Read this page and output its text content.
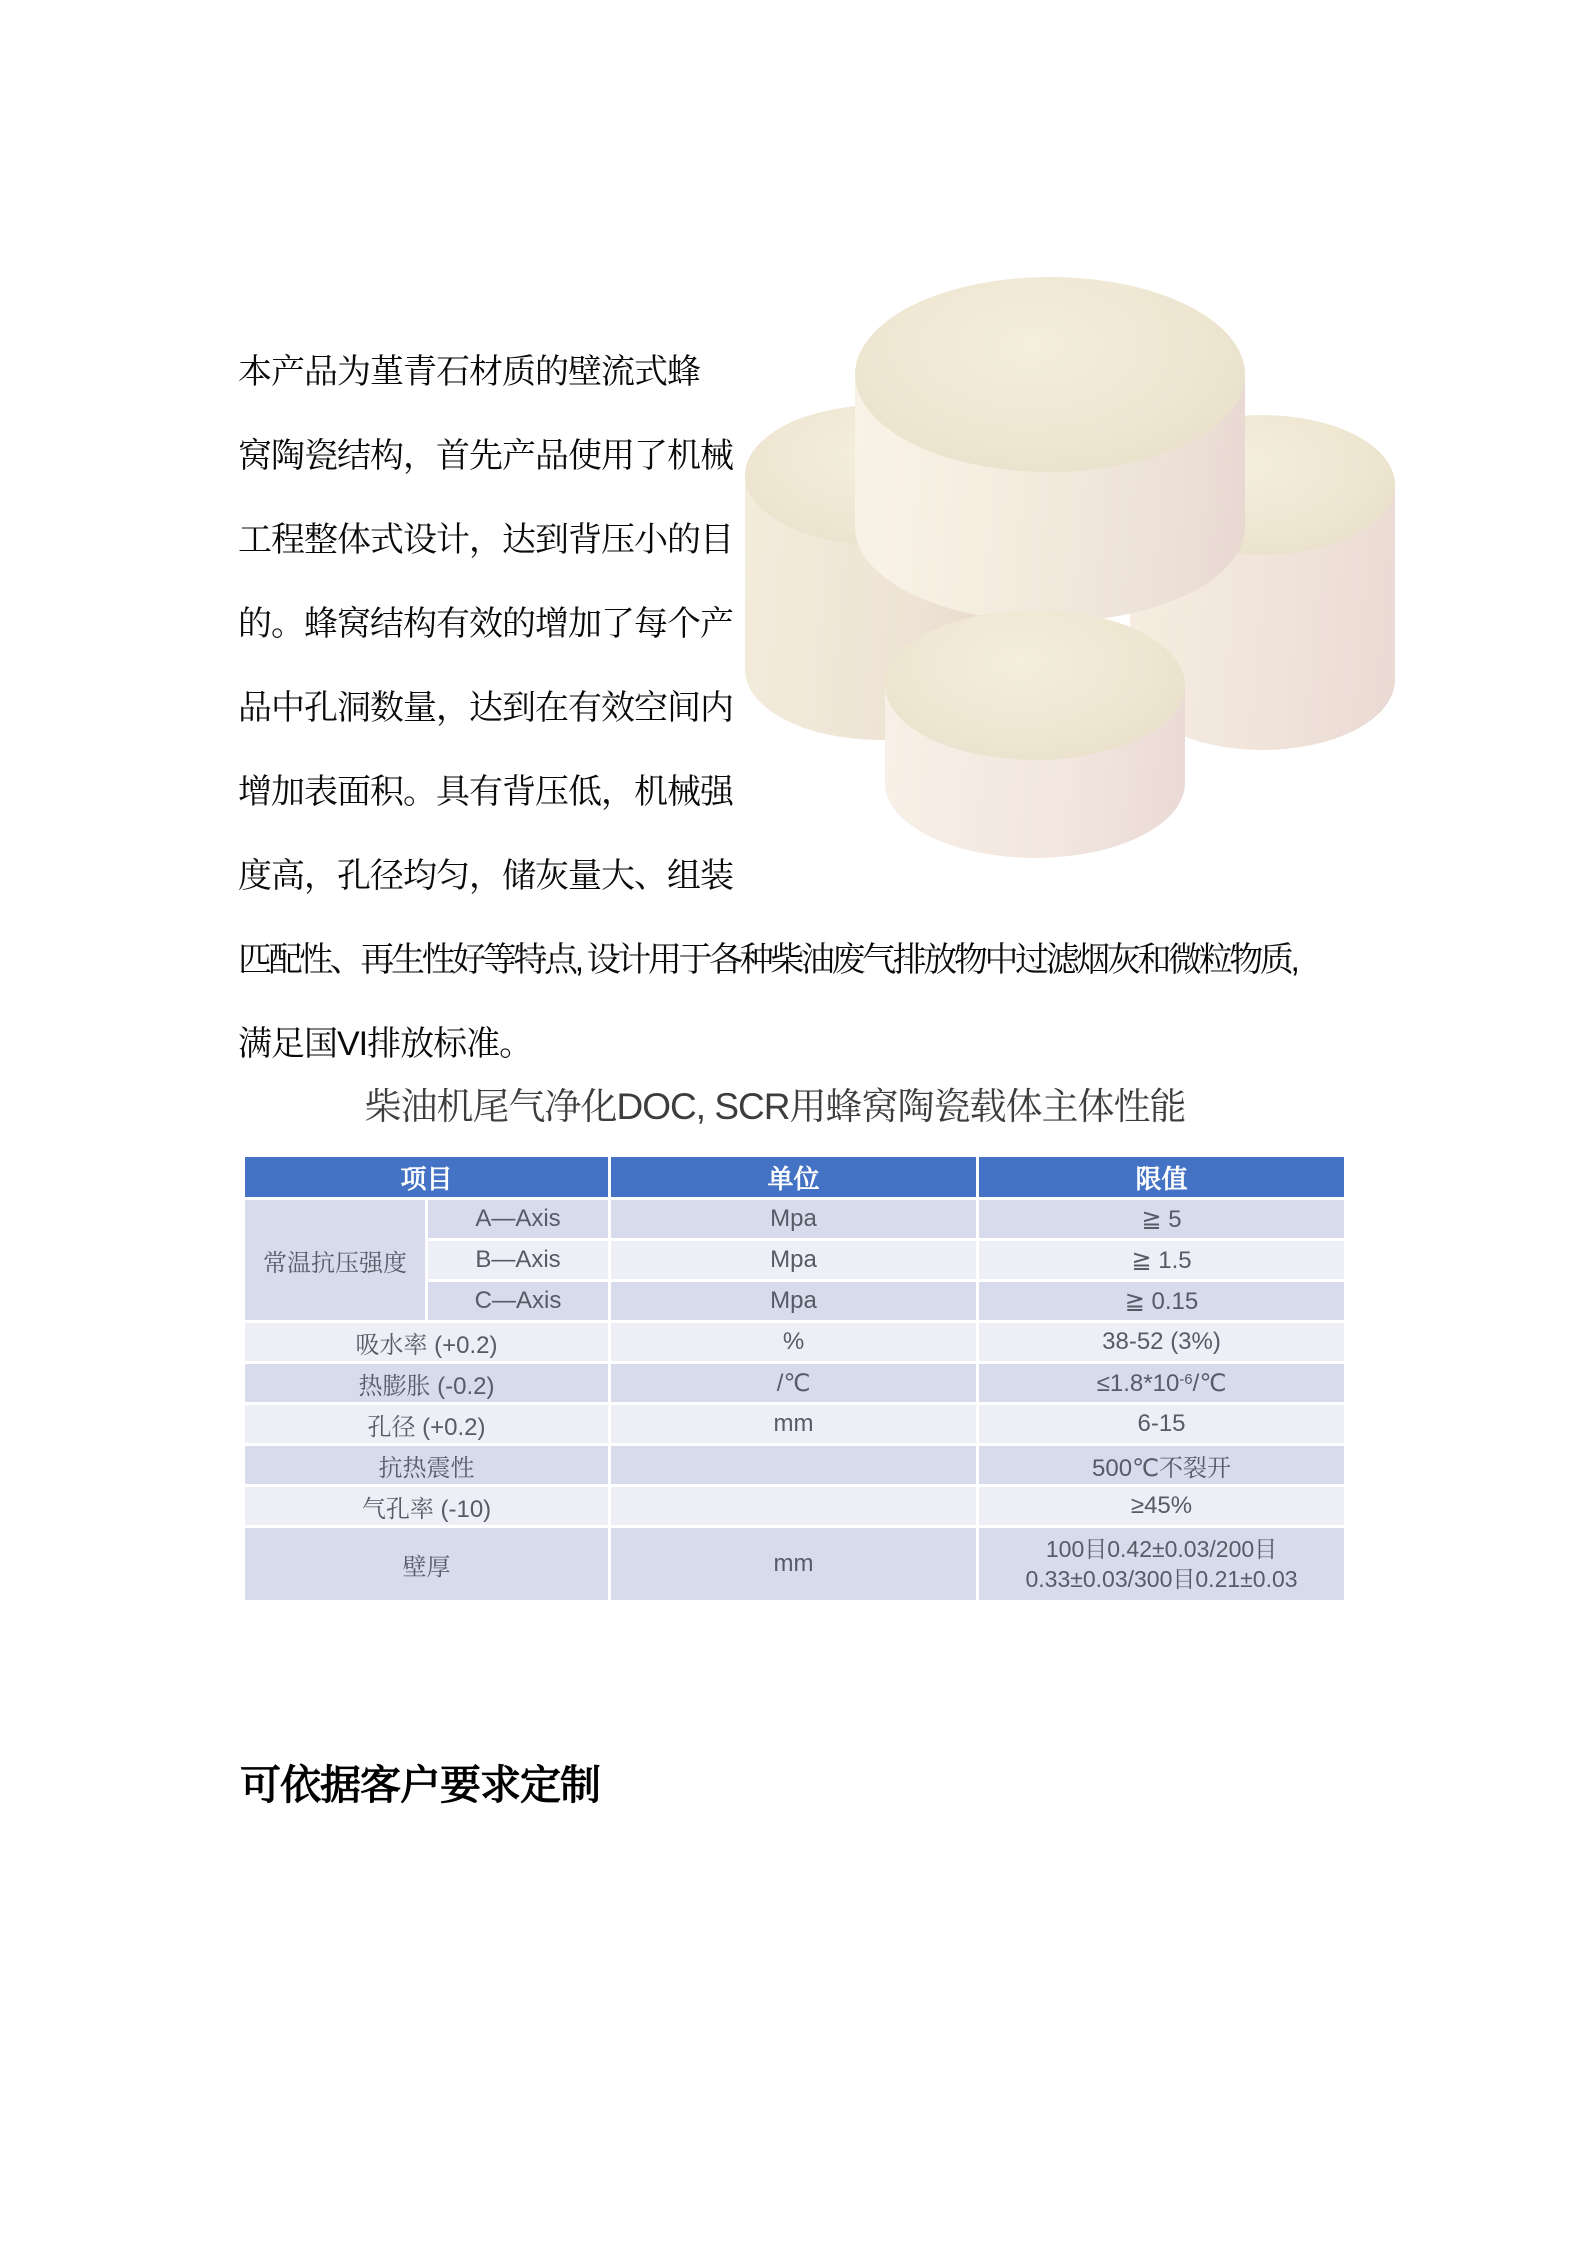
本产品为堇青石材质的壁流式蜂
窝陶瓷结构，首先产品使用了机械
工程整体式设计，达到背压小的目
的。蜂窝结构有效的增加了每个产
品中孔洞数量，达到在有效空间内
增加表面积。具有背压低，机械强
度高，孔径均匀，储灰量大、组装
匹配性、再生性好等特点, 设计用于各种柴油废气排放物中过滤烟灰和微粒物质,
满足国VI排放标准。
柴油机尾气净化DOC, SCR用蜂窝陶瓷载体主体性能
项目		单位	限值
常温抗压强度	A—Axis	Mpa	≧ 5
	B—Axis	Mpa	≧ 1.5
	C—Axis	Mpa	≧ 0.15
吸水率 (+0.2)		%	38-52 (3%)
热膨胀 (-0.2)		/℃	$\le 1.8*10^{-6}/℃$
孔径 (+0.2)		mm	6-15
抗热震性			500℃不裂开
气孔率 (-10)			≥45%
壁厚		mm	100目0.42±0.03/200目
0.33±0.03/300目0.21±0.03
可依据客户要求定制
